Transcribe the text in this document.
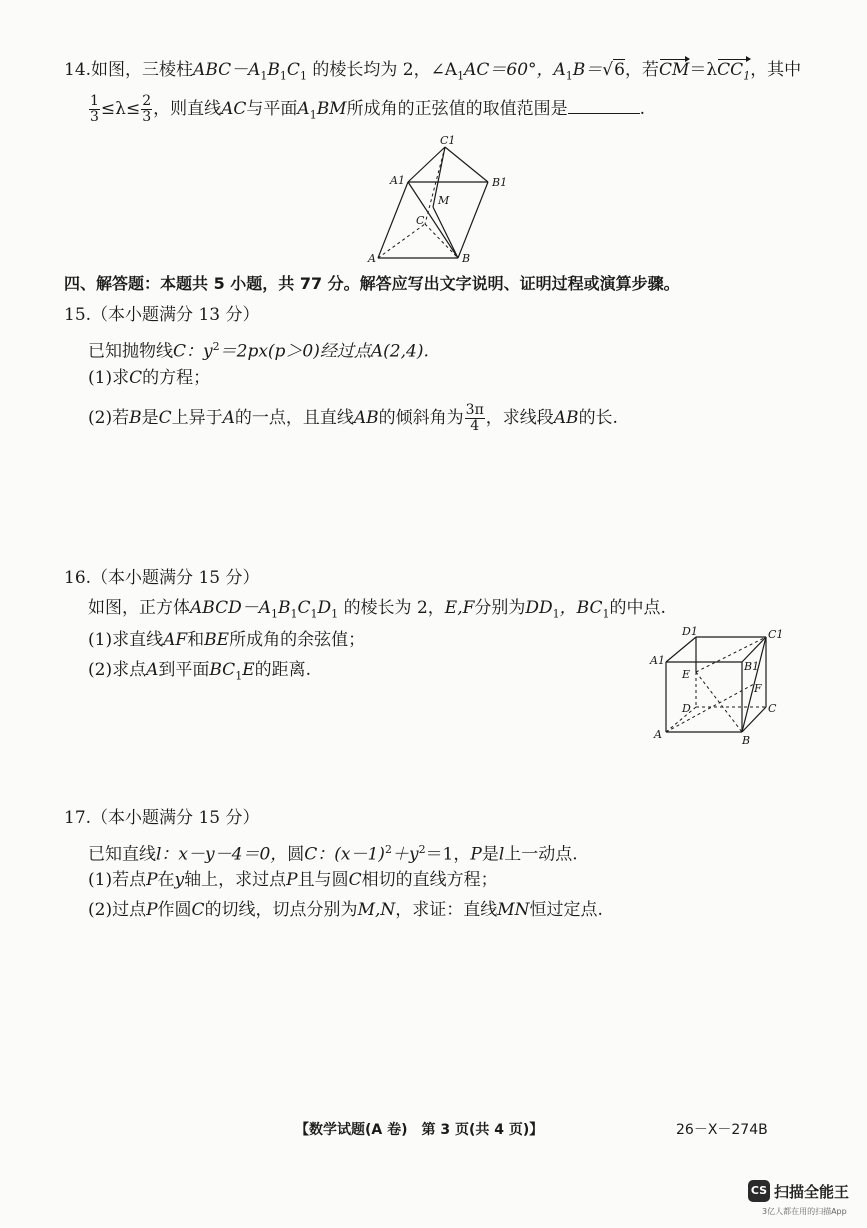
14.如图，三棱柱$ABC-A_1B_1C_1$ 的棱长均为 2，$\angle A_1AC=60^\circ$，$A_1B=√6$，若CM＝λCC$_1$，其中
$\frac{1}{3} \le\lambda\le \frac{2}{3}$ ，则直线AC与平面$A_1BM$所成角的正弦值的取值范围是	.
C1
A1	B1
M
C
A	B
四、解答题：本题共 5 小题，共 77 分。解答应写出文字说明、证明过程或演算步骤。
15.（本小题满分 13 分）
已知抛物线C：$y^2=2px(p>0)$经过点A(2,4).
(1)求C的方程；
(2)若B是C上异于A的一点，且直线AB的倾斜角为 $\frac{3\pi}{4}$ ，求线段AB的长.
16.（本小题满分 15 分）
如图，正方体$ABCD-A_1B_1C_1D_1$ 的棱长为 2，E,F分别为$DD_1$，$BC_1$的中点.
(1)求直线AF和BE所成角的余弦值；
(2)求点A到平面$BC_1E$的距离.
D1	C1
A1	B1
E
F
D	C
A	B
17.（本小题满分 15 分）
已知直线l：x－y－4＝0，圆C：$(x-1)^2+y^2=1$，P是l上一动点.
(1)若点P在y轴上，求过点P且与圆C相切的直线方程；
(2)过点P作圆C的切线，切点分别为M,N，求证：直线MN恒过定点.
【数学试题(A 卷)　第 3 页(共 4 页)】	26－X－274B
CS 扫描全能王
3亿人都在用的扫描App
